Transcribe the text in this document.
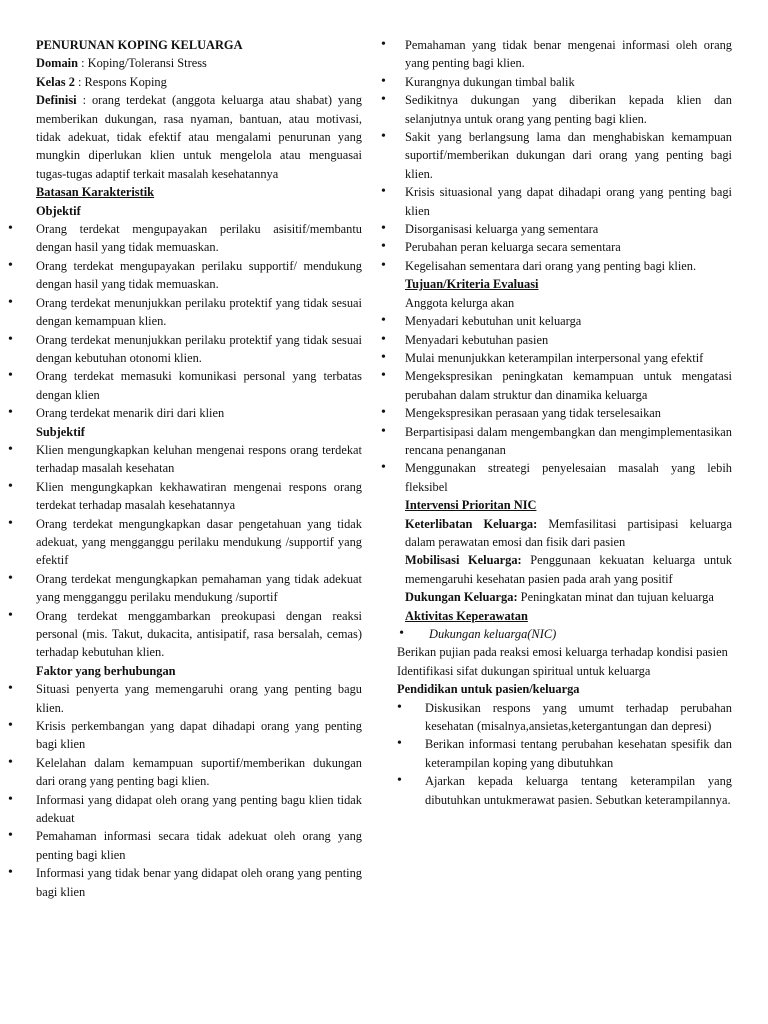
PENURUNAN KOPING KELUARGA

Domain : Koping/Toleransi Stress

Kelas 2 : Respons Koping

Definisi : orang terdekat (anggota keluarga atau shabat) yang memberikan dukungan, rasa nyaman, bantuan, atau motivasi, tidak adekuat, tidak efektif atau mengalami penurunan yang mungkin diperlukan klien untuk mengelola atau menguasai tugas-tugas adaptif terkait masalah kesehatannya

Batasan Karakteristik

Objektif

• Orang terdekat mengupayakan perilaku asisitif/membantu dengan hasil yang tidak memuaskan.
• Orang terdekat mengupayakan perilaku supportif/ mendukung dengan hasil yang tidak memuaskan.
• Orang terdekat menunjukkan perilaku protektif yang tidak sesuai dengan kemampuan klien.
• Orang terdekat menunjukkan perilaku protektif yang tidak sesuai dengan kebutuhan otonomi klien.
• Orang terdekat memasuki komunikasi personal yang terbatas dengan klien
• Orang terdekat menarik diri dari klien

Subjektif

• Klien mengungkapkan keluhan mengenai respons orang terdekat terhadap masalah kesehatan
• Klien mengungkapkan kekhawatiran mengenai respons orang terdekat terhadap masalah kesehatannya
• Orang terdekat mengungkapkan dasar pengetahuan yang tidak adekuat, yang mengganggu perilaku mendukung /supportif yang efektif
• Orang terdekat mengungkapkan pemahaman yang tidak adekuat yang mengganggu perilaku mendukung /suportif
• Orang terdekat menggambarkan preokupasi dengan reaksi personal (mis. Takut, dukacita, antisipatif, rasa bersalah, cemas) terhadap kebutuhan klien.

Faktor yang berhubungan

• Situasi penyerta yang memengaruhi orang yang penting bagu klien.
• Krisis perkembangan yang dapat dihadapi orang yang penting bagi klien
• Kelelahan dalam kemampuan suportif/memberikan dukungan dari orang yang penting bagi klien.
• Informasi yang didapat oleh orang yang penting bagu klien tidak adekuat
• Pemahaman informasi secara tidak adekuat oleh orang yang penting bagi klien
• Informasi yang tidak benar yang didapat oleh orang yang penting bagi klien
• Pemahaman yang tidak benar mengenai informasi oleh orang yang penting bagi klien.
• Kurangnya dukungan timbal balik
• Sedikitnya dukungan yang diberikan kepada klien dan selanjutnya untuk orang yang penting bagi klien.
• Sakit yang berlangsung lama dan menghabiskan kemampuan suportif/memberikan dukungan dari orang yang penting bagi klien.
• Krisis situasional yang dapat dihadapi orang yang penting bagi klien
• Disorganisasi keluarga yang sementara
• Perubahan peran keluarga secara sementara
• Kegelisahan sementara dari orang yang penting bagi klien.

Tujuan/Kriteria Evaluasi

Anggota kelurga akan

• Menyadari kebutuhan unit keluarga
• Menyadari kebutuhan pasien
• Mulai menunjukkan keterampilan interpersonal yang efektif
• Mengekspresikan peningkatan kemampuan untuk mengatasi perubahan dalam struktur dan dinamika keluarga
• Mengekspresikan perasaan yang tidak terselesaikan
• Berpartisipasi dalam mengembangkan dan mengimplementasikan rencana penanganan
• Menggunakan streategi penyelesaian masalah yang lebih fleksibel

Intervensi Prioritan NIC

Keterlibatan Keluarga: Memfasilitasi partisipasi keluarga dalam perawatan emosi dan fisik dari pasien

Mobilisasi Keluarga: Penggunaan kekuatan keluarga untuk memengaruhi kesehatan pasien pada arah yang positif

Dukungan Keluarga: Peningkatan minat dan tujuan keluarga

Aktivitas Keperawatan

• Dukungan keluarga(NIC)

Berikan pujian pada reaksi emosi keluarga terhadap kondisi pasien

Identifikasi sifat dukungan spiritual untuk keluarga

Pendidikan untuk pasien/keluarga

• Diskusikan respons yang umumt terhadap perubahan kesehatan (misalnya,ansietas,ketergantungan dan depresi)
• Berikan informasi tentang perubahan kesehatan spesifik dan keterampilan koping yang dibutuhkan
• Ajarkan kepada keluarga tentang keterampilan yang dibutuhkan untukmerawat pasien. Sebutkan keterampilannya.
